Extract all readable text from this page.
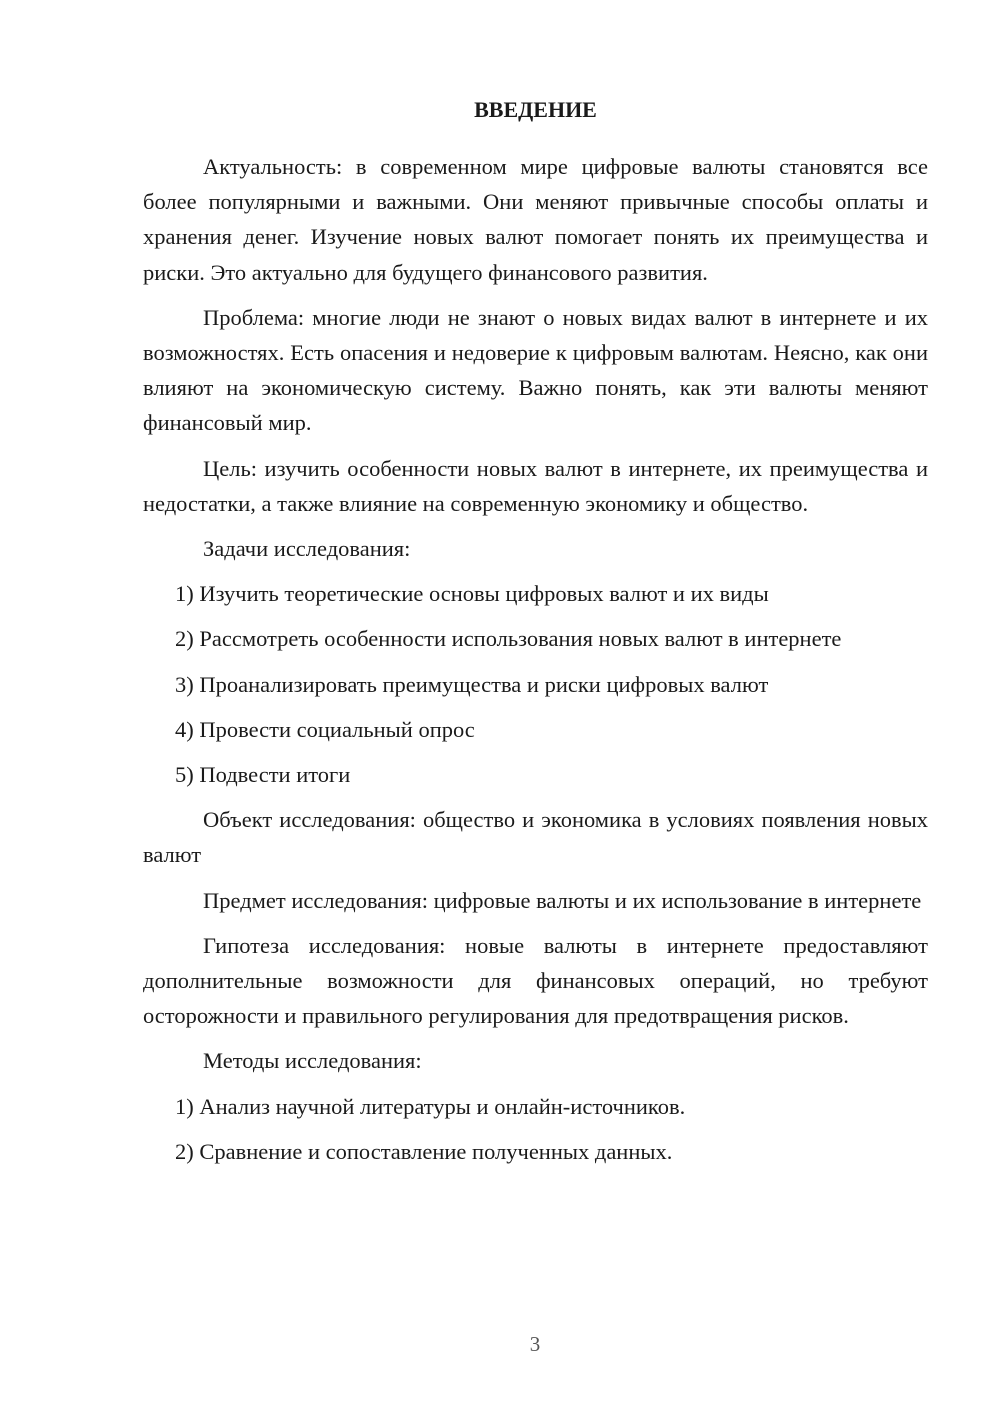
ВВЕДЕНИЕ

Актуальность: в современном мире цифровые валюты становятся все более популярными и важными. Они меняют привычные способы оплаты и хранения денег. Изучение новых валют помогает понять их преимущества и риски. Это актуально для будущего финансового развития.

Проблема: многие люди не знают о новых видах валют в интернете и их возможностях. Есть опасения и недоверие к цифровым валютам. Неясно, как они влияют на экономическую систему. Важно понять, как эти валюты меняют финансовый мир.

Цель: изучить особенности новых валют в интернете, их преимущества и недостатки, а также влияние на современную экономику и общество.

Задачи исследования:

1) Изучить теоретические основы цифровых валют и их виды

2) Рассмотреть особенности использования новых валют в интернете

3) Проанализировать преимущества и риски цифровых валют

4) Провести социальный опрос

5) Подвести итоги

Объект исследования: общество и экономика в условиях появления новых валют

Предмет исследования: цифровые валюты и их использование в интернете

Гипотеза исследования: новые валюты в интернете предоставляют дополнительные возможности для финансовых операций, но требуют осторожности и правильного регулирования для предотвращения рисков.

Методы исследования:

1) Анализ научной литературы и онлайн-источников.

2) Сравнение и сопоставление полученных данных.

3
